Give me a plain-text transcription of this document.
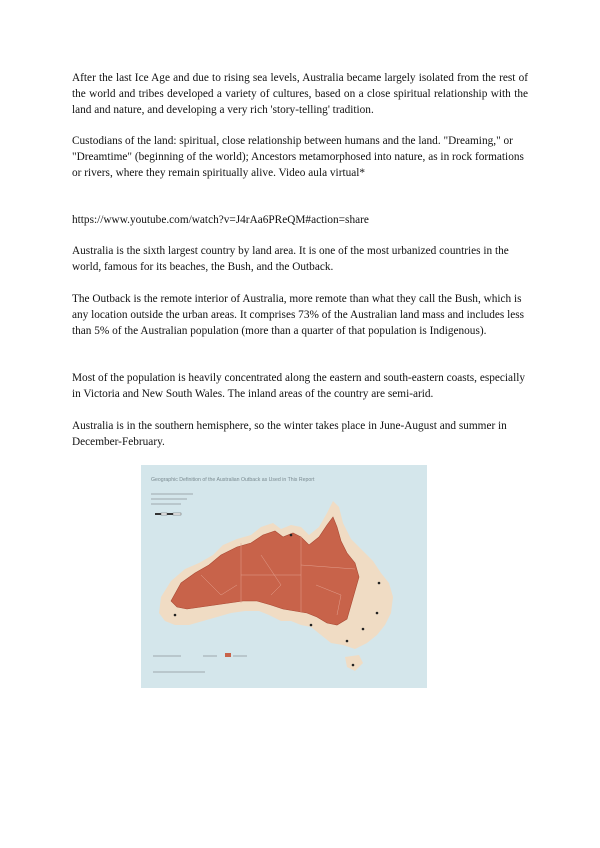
After the last Ice Age and due to rising sea levels, Australia became largely isolated from the rest of the world and tribes developed a variety of cultures, based on a close spiritual relationship with the land and nature, and developing a very rich 'story-telling' tradition.

Custodians of the land: spiritual, close relationship between humans and the land. "Dreaming," or "Dreamtime" (beginning of the world); Ancestors metamorphosed into nature, as in rock formations or rivers, where they remain spiritually alive. Video aula virtual*

https://www.youtube.com/watch?v=J4rAa6PReQM#action=share

Australia is the sixth largest country by land area. It is one of the most urbanized countries in the world, famous for its beaches, the Bush, and the Outback.

The Outback is the remote interior of Australia, more remote than what they call the Bush, which is any location outside the urban areas. It comprises 73% of the Australian land mass and includes less than 5% of the Australian population (more than a quarter of that population is Indigenous).

Most of the population is heavily concentrated along the eastern and south-eastern coasts, especially in Victoria and New South Wales. The inland areas of the country are semi-arid.

Australia is in the southern hemisphere, so the winter takes place in June-August and summer in December-February.

Geographic Definition of the Australian Outback as Used in This Report
